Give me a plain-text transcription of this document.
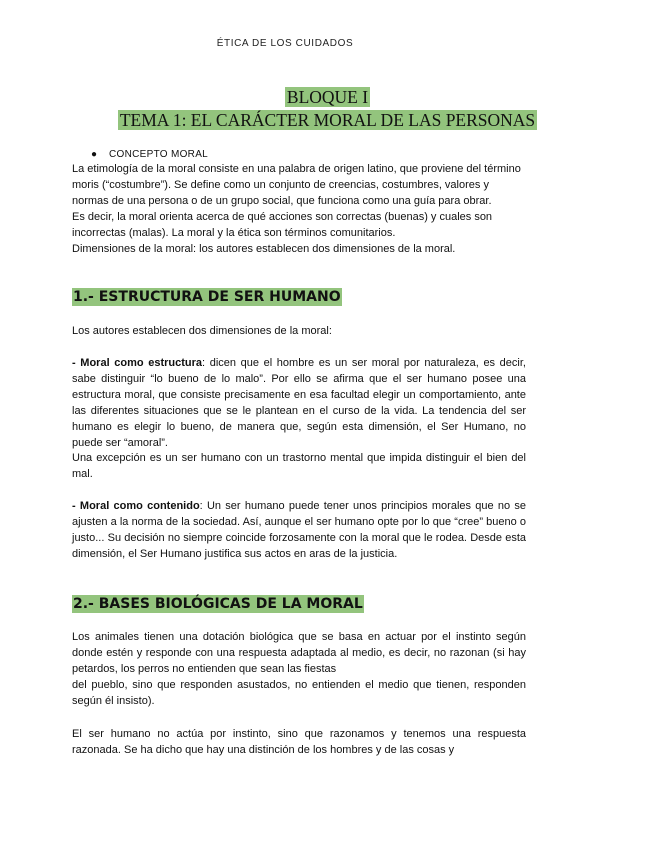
ÉTICA DE LOS CUIDADOS
BLOQUE I
TEMA 1: EL CARÁCTER MORAL DE LAS PERSONAS
● CONCEPTO MORAL

La etimología de la moral consiste en una palabra de origen latino, que proviene del término moris (“costumbre”). Se define como un conjunto de creencias, costumbres, valores y normas de una persona o de un grupo social, que funciona como una guía para obrar.

Es decir, la moral orienta acerca de qué acciones son correctas (buenas) y cuales son incorrectas (malas). La moral y la ética son términos comunitarios.

Dimensiones de la moral: los autores establecen dos dimensiones de la moral.

1.- ESTRUCTURA DE SER HUMANO

Los autores establecen dos dimensiones de la moral:

- Moral como estructura: dicen que el hombre es un ser moral por naturaleza, es decir, sabe distinguir “lo bueno de lo malo”. Por ello se afirma que el ser humano posee una estructura moral, que consiste precisamente en esa facultad elegir un comportamiento, ante las diferentes situaciones que se le plantean en el curso de la vida. La tendencia del ser humano es elegir lo bueno, de manera que, según esta dimensión, el Ser Humano, no puede ser “amoral”.

Una excepción es un ser humano con un trastorno mental que impida distinguir el bien del mal.

- Moral como contenido: Un ser humano puede tener unos principios morales que no se ajusten a la norma de la sociedad. Así, aunque el ser humano opte por lo que “cree” bueno o justo... Su decisión no siempre coincide forzosamente con la moral que le rodea. Desde esta dimensión, el Ser Humano justifica sus actos en aras de la justicia.

2.- BASES BIOLÓGICAS DE LA MORAL

Los animales tienen una dotación biológica que se basa en actuar por el instinto según donde estén y responde con una respuesta adaptada al medio, es decir, no razonan (si hay petardos, los perros no entienden que sean las fiestas

del pueblo, sino que responden asustados, no entienden el medio que tienen, responden según él insisto).

El ser humano no actúa por instinto, sino que razonamos y tenemos una respuesta razonada. Se ha dicho que hay una distinción de los hombres y de las cosas y
